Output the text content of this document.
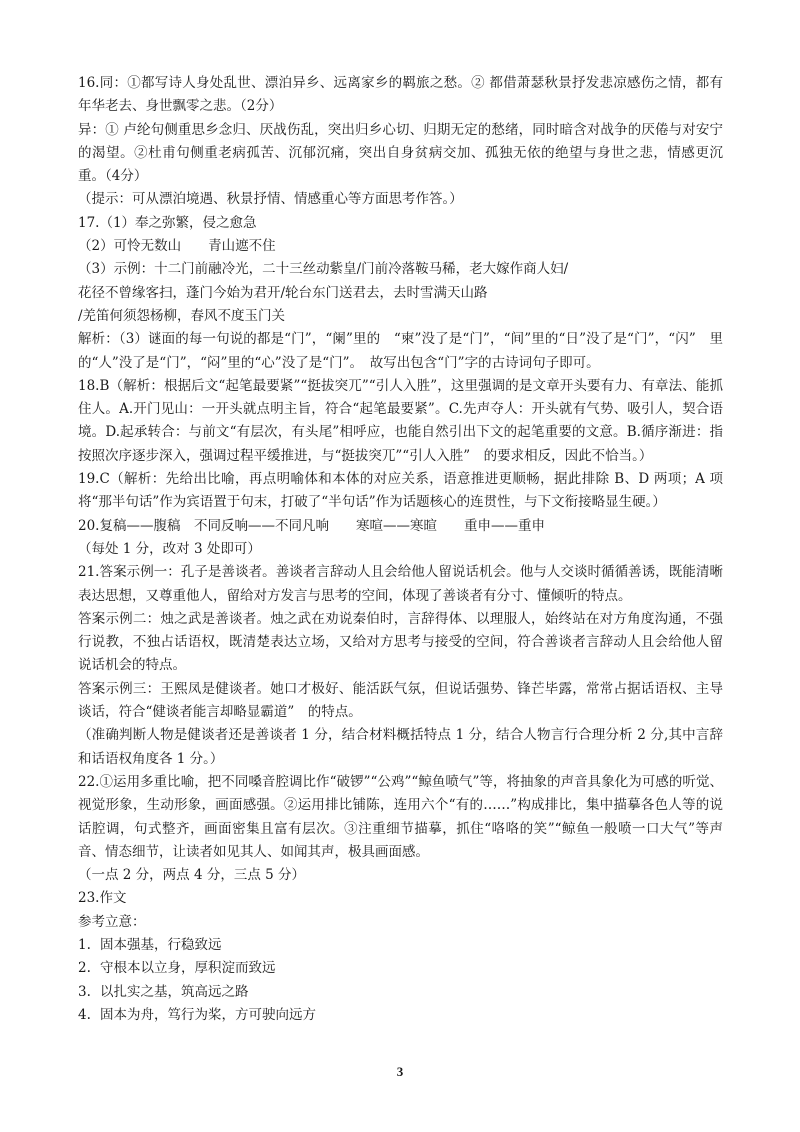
16.同：①都写诗人身处乱世、漂泊异乡、远离家乡的羁旅之愁。② 都借萧瑟秋景抒发悲凉感伤之情，都有年华老去、身世飘零之悲。（2分）

异：① 卢纶句侧重思乡念归、厌战伤乱，突出归乡心切、归期无定的愁绪，同时暗含对战争的厌倦与对安宁的渴望。②杜甫句侧重老病孤苦、沉郁沉痛，突出自身贫病交加、孤独无依的绝望与身世之悲，情感更沉重。（4分）

（提示：可从漂泊境遇、秋景抒情、情感重心等方面思考作答。）

17.（1）奉之弥繁，侵之愈急

（2）可怜无数山　　青山遮不住

（3）示例：十二门前融冷光，二十三丝动紫皇/门前冷落鞍马稀，老大嫁作商人妇/

花径不曾缘客扫，蓬门今始为君开/轮台东门送君去，去时雪满天山路

/羌笛何须怨杨柳，春风不度玉门关

解析：（3）谜面的每一句说的都是“门”，“阑”里的　“柬”没了是“门”，“间”里的“日”没了是“门”，“闪”　里的“人”没了是“门”，“闷”里的“心”没了是“门”。　故写出包含“门”字的古诗词句子即可。

18.B（解析：根据后文“起笔最要紧”“挺拔突兀”“引人入胜”，这里强调的是文章开头要有力、有章法、能抓住人。A.开门见山：一开头就点明主旨，符合“起笔最要紧”。C.先声夺人：开头就有气势、吸引人，契合语境。D.起承转合：与前文“有层次，有头尾”相呼应，也能自然引出下文的起笔重要的文意。B.循序渐进：指按照次序逐步深入，强调过程平缓推进，与“挺拔突兀”“引人入胜”　的要求相反，因此不恰当。）

19.C（解析：先给出比喻，再点明喻体和本体的对应关系，语意推进更顺畅，据此排除 B、D 两项；A 项将“那半句话”作为宾语置于句末，打破了“半句话”作为话题核心的连贯性，与下文衔接略显生硬。）

20.复稿——腹稿　不同反响——不同凡响　　寒喧——寒暄　　重申——重申

（每处 1 分，改对 3 处即可）

21.答案示例一：孔子是善谈者。善谈者言辞动人且会给他人留说话机会。他与人交谈时循循善诱，既能清晰表达思想，又尊重他人，留给对方发言与思考的空间，体现了善谈者有分寸、懂倾听的特点。

答案示例二：烛之武是善谈者。烛之武在劝说秦伯时，言辞得体、以理服人，始终站在对方角度沟通，不强行说教，不独占话语权，既清楚表达立场，又给对方思考与接受的空间，符合善谈者言辞动人且会给他人留说话机会的特点。

答案示例三：王熙凤是健谈者。她口才极好、能活跃气氛，但说话强势、锋芒毕露，常常占据话语权、主导谈话，符合“健谈者能言却略显霸道”　的特点。

（准确判断人物是健谈者还是善谈者 1 分，结合材料概括特点 1 分，结合人物言行合理分析 2 分,其中言辞和话语权角度各 1 分。）

22.①运用多重比喻，把不同嗓音腔调比作“破锣”“公鸡”“鲸鱼喷气”等，将抽象的声音具象化为可感的听觉、视觉形象，生动形象，画面感强。②运用排比铺陈，连用六个“有的……”构成排比，集中描摹各色人等的说话腔调，句式整齐，画面密集且富有层次。③注重细节描摹，抓住“咯咯的笑”“鲸鱼一般喷一口大气”等声音、情态细节，让读者如见其人、如闻其声，极具画面感。

（一点 2 分，两点 4 分，三点 5 分）

23.作文

参考立意：

1. 固本强基，行稳致远
2. 守根本以立身，厚积淀而致远
3. 以扎实之基，筑高远之路
4. 固本为舟，笃行为桨，方可驶向远方
3
